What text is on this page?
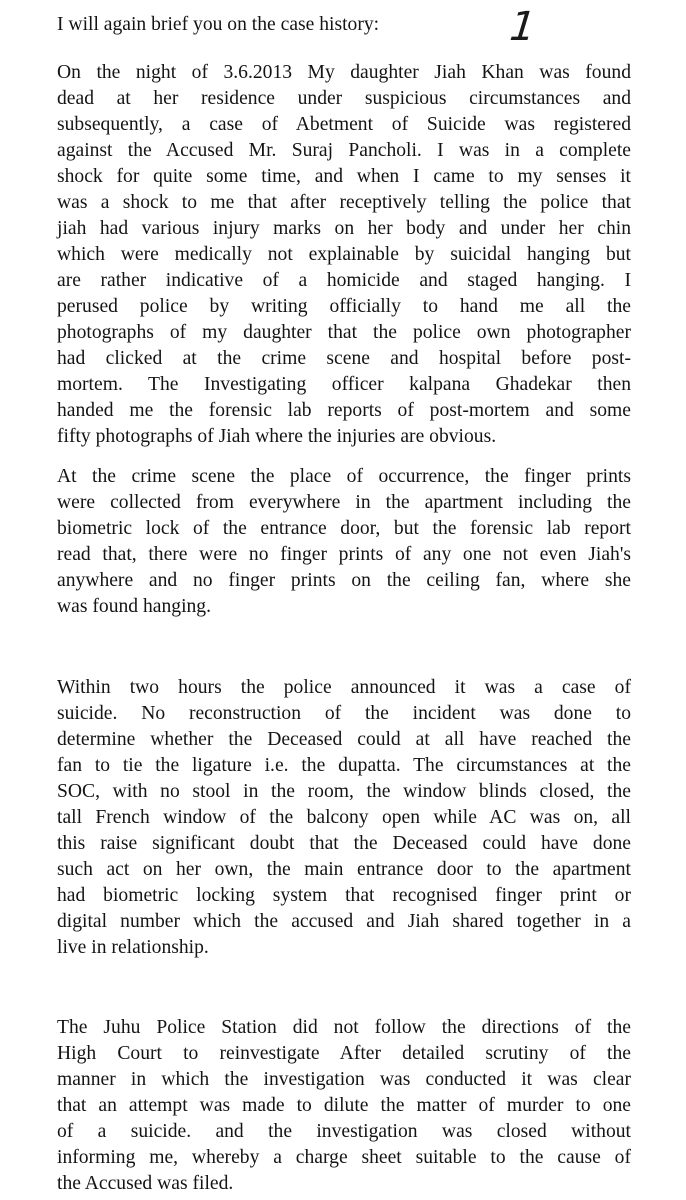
I will again brief you on the case history:	1
On the night of 3.6.2013 My daughter Jiah Khan was found
dead at her residence under suspicious circumstances and
subsequently, a case of Abetment of Suicide was registered
against the Accused Mr. Suraj Pancholi. I was in a complete
shock for quite some time, and when I came to my senses it
was a shock to me that after receptively telling the police that
jiah had various injury marks on her body and under her chin
which were medically not explainable by suicidal hanging but
are rather indicative of a homicide and staged hanging. I
perused police by writing officially to hand me all the
photographs of my daughter that the police own photographer
had clicked at the crime scene and hospital before post-
mortem. The Investigating officer kalpana Ghadekar then
handed me the forensic lab reports of post-mortem and some
fifty photographs of Jiah where the injuries are obvious.
At the crime scene the place of occurrence, the finger prints
were collected from everywhere in the apartment including the
biometric lock of the entrance door, but the forensic lab report
read that, there were no finger prints of any one not even Jiah's
anywhere and no finger prints on the ceiling fan, where she
was found hanging.
Within two hours the police announced it was a case of
suicide. No reconstruction of the incident was done to
determine whether the Deceased could at all have reached the
fan to tie the ligature i.e. the dupatta. The circumstances at the
SOC, with no stool in the room, the window blinds closed, the
tall French window of the balcony open while AC was on, all
this raise significant doubt that the Deceased could have done
such act on her own, the main entrance door to the apartment
had biometric locking system that recognised finger print or
digital number which the accused and Jiah shared together in a
live in relationship.
The Juhu Police Station did not follow the directions of the
High Court to reinvestigate After detailed scrutiny of the
manner in which the investigation was conducted it was clear
that an attempt was made to dilute the matter of murder to one
of a suicide. and the investigation was closed without
informing me, whereby a charge sheet suitable to the cause of
the Accused was filed.
